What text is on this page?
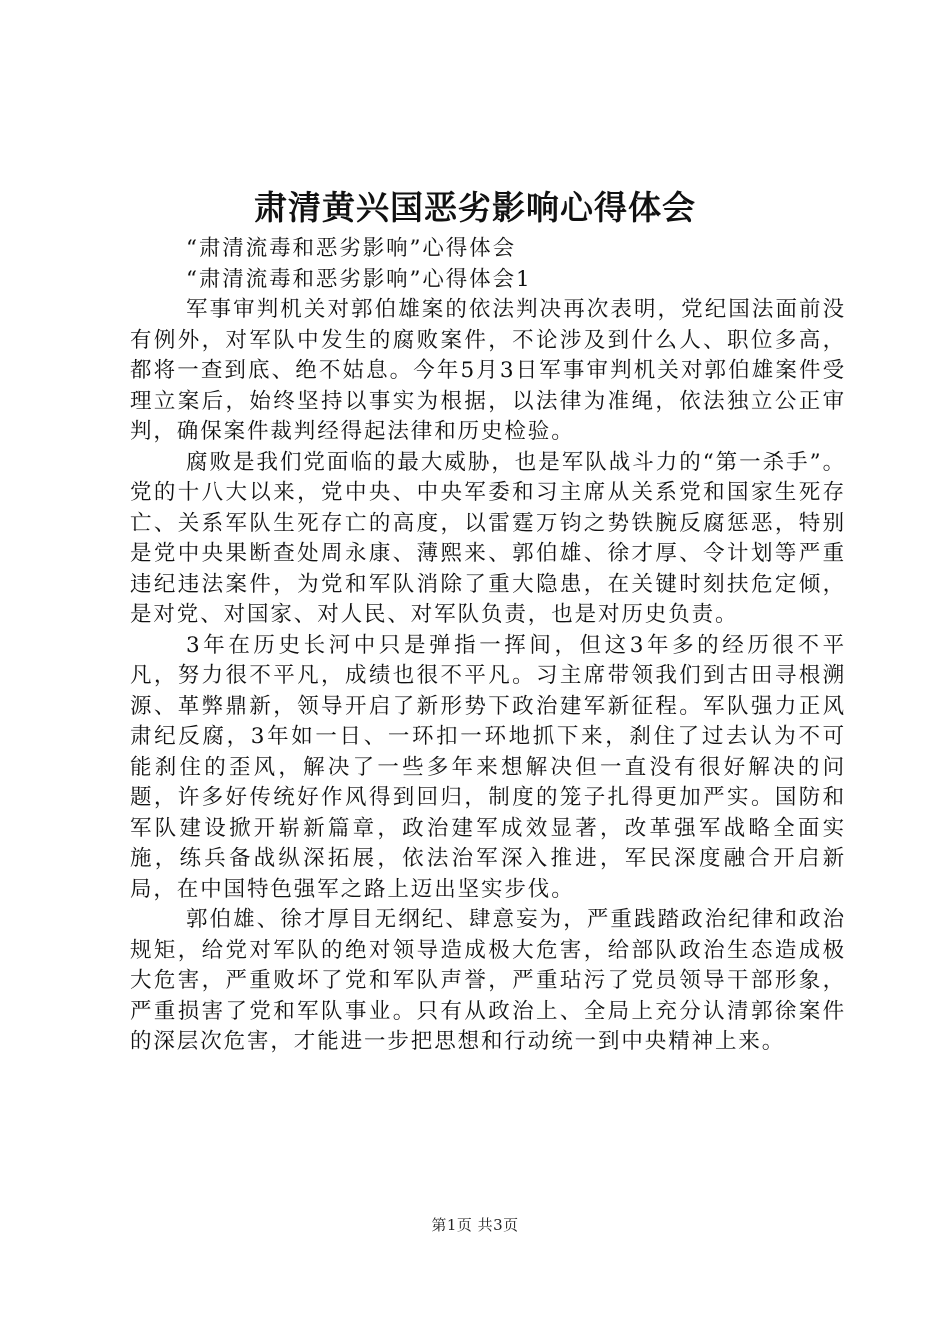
肃清黄兴国恶劣影响心得体会
“肃清流毒和恶劣影响”心得体会
“肃清流毒和恶劣影响”心得体会1
军事审判机关对郭伯雄案的依法判决再次表明，党纪国法面前没有例外，对军队中发生的腐败案件，不论涉及到什么人、职位多高，都将一查到底、绝不姑息。今年5月3日军事审判机关对郭伯雄案件受理立案后，始终坚持以事实为根据，以法律为准绳，依法独立公正审判，确保案件裁判经得起法律和历史检验。
腐败是我们党面临的最大威胁，也是军队战斗力的“第一杀手”。党的十八大以来，党中央、中央军委和习主席从关系党和国家生死存亡、关系军队生死存亡的高度，以雷霆万钧之势铁腕反腐惩恶，特别是党中央果断查处周永康、薄熙来、郭伯雄、徐才厚、令计划等严重违纪违法案件，为党和军队消除了重大隐患，在关键时刻扶危定倾，是对党、对国家、对人民、对军队负责，也是对历史负责。
3年在历史长河中只是弹指一挥间，但这3年多的经历很不平凡，努力很不平凡，成绩也很不平凡。习主席带领我们到古田寻根溯源、革弊鼎新，领导开启了新形势下政治建军新征程。军队强力正风肃纪反腐，3年如一日、一环扣一环地抓下来，刹住了过去认为不可能刹住的歪风，解决了一些多年来想解决但一直没有很好解决的问题，许多好传统好作风得到回归，制度的笼子扎得更加严实。国防和军队建设掀开崭新篇章，政治建军成效显著，改革强军战略全面实施，练兵备战纵深拓展，依法治军深入推进，军民深度融合开启新局，在中国特色强军之路上迈出坚实步伐。
郭伯雄、徐才厚目无纲纪、肆意妄为，严重践踏政治纪律和政治规矩，给党对军队的绝对领导造成极大危害，给部队政治生态造成极大危害，严重败坏了党和军队声誉，严重玷污了党员领导干部形象，严重损害了党和军队事业。只有从政治上、全局上充分认清郭徐案件的深层次危害，才能进一步把思想和行动统一到中央精神上来。
第1页 共3页
